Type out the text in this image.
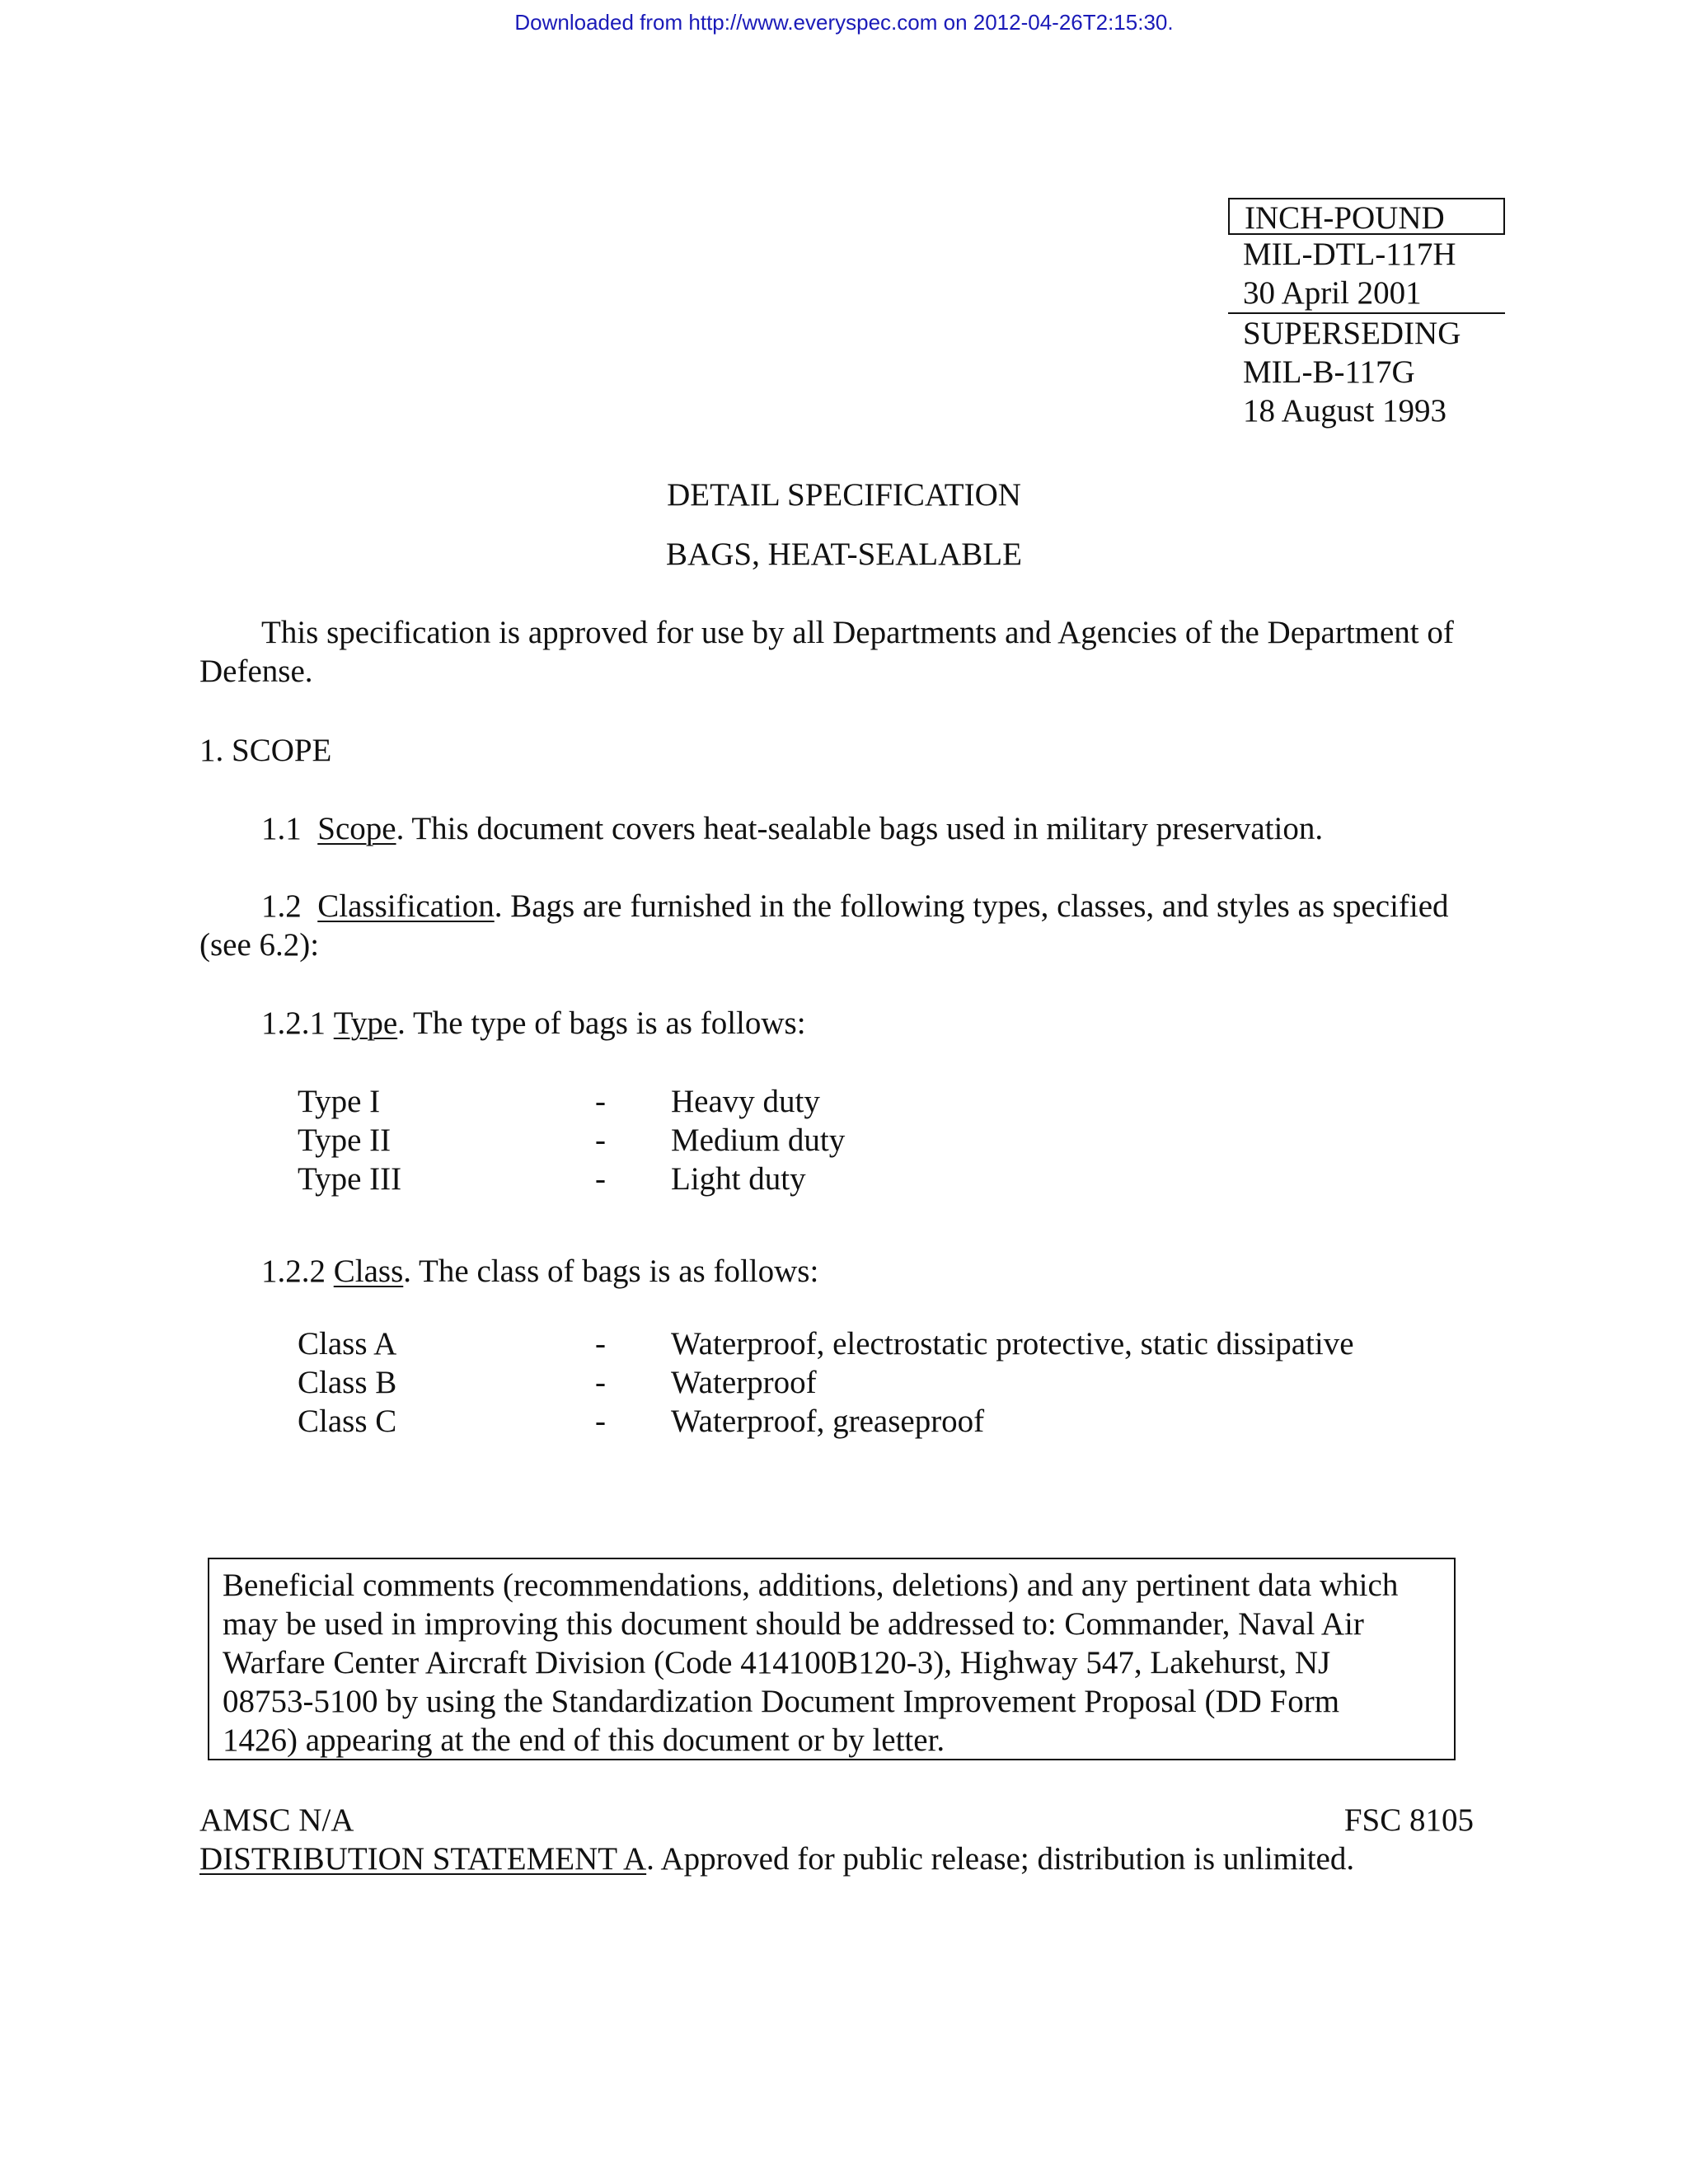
Downloaded from http://www.everyspec.com on 2012-04-26T2:15:30.
INCH-POUND
MIL-DTL-117H
30 April 2001
SUPERSEDING
MIL-B-117G
18 August 1993
DETAIL SPECIFICATION
BAGS, HEAT-SEALABLE
This specification is approved for use by all Departments and Agencies of the Department of
Defense.
1. SCOPE
1.1 Scope. This document covers heat-sealable bags used in military preservation.
1.2 Classification. Bags are furnished in the following types, classes, and styles as specified
(see 6.2):
1.2.1 Type. The type of bags is as follows:
Type I	- Heavy duty
Type II	- Medium duty
Type III	- Light duty
1.2.2 Class. The class of bags is as follows:
Class A	- Waterproof, electrostatic protective, static dissipative
Class B	- Waterproof
Class C	- Waterproof, greaseproof
Beneficial comments (recommendations, additions, deletions) and any pertinent data which
may be used in improving this document should be addressed to: Commander, Naval Air
Warfare Center Aircraft Division (Code 414100B120-3), Highway 547, Lakehurst, NJ
08753-5100 by using the Standardization Document Improvement Proposal (DD Form
1426) appearing at the end of this document or by letter.
AMSC N/A	FSC 8105
DISTRIBUTION STATEMENT A. Approved for public release; distribution is unlimited.
